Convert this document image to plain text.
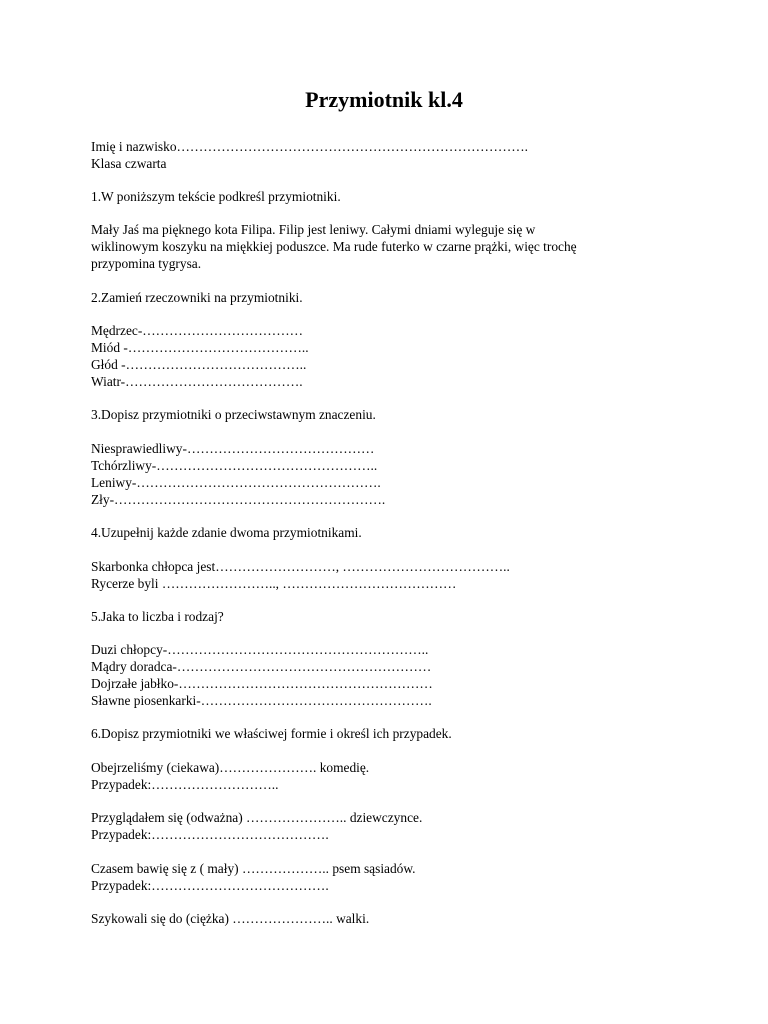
Przymiotnik kl.4

Imię i nazwisko…………………………………………………………………….

Klasa czwarta

1.W poniższym tekście podkreśl przymiotniki.

Mały Jaś ma pięknego kota Filipa. Filip jest leniwy. Całymi dniami wyleguje się w

wiklinowym koszyku na miękkiej poduszce. Ma rude futerko w czarne prążki, więc trochę

przypomina tygrysa.

2.Zamień rzeczowniki na przymiotniki.

Mędrzec-………………………………

Miód -…………………………………..

Głód -…………………………………..

Wiatr-………………………………….

3.Dopisz przymiotniki o przeciwstawnym znaczeniu.

Niesprawiedliwy-……………………………………

Tchórzliwy-…………………………………………..

Leniwy-……………………………………………….

Zły-…………………………………………………….

4.Uzupełnij każde zdanie dwoma przymiotnikami.

Skarbonka chłopca jest………………………, ………………………………..

Rycerze byli …………………….., …………………………………

5.Jaka to liczba i rodzaj?

Duzi chłopcy-…………………………………………………..

Mądry doradca-…………………………………………………

Dojrzałe jabłko-…………………………………………………

Sławne piosenkarki-…………………………………………….

6.Dopisz przymiotniki we właściwej formie i określ ich przypadek.

Obejrzeliśmy (ciekawa)…………………. komedię.

Przypadek:………………………..

Przyglądałem się (odważna) ………………….. dziewczynce.

Przypadek:………………………………….

Czasem bawię się z ( mały) ……………….. psem sąsiadów.

Przypadek:………………………………….

Szykowali się do (ciężka) ………………….. walki.
